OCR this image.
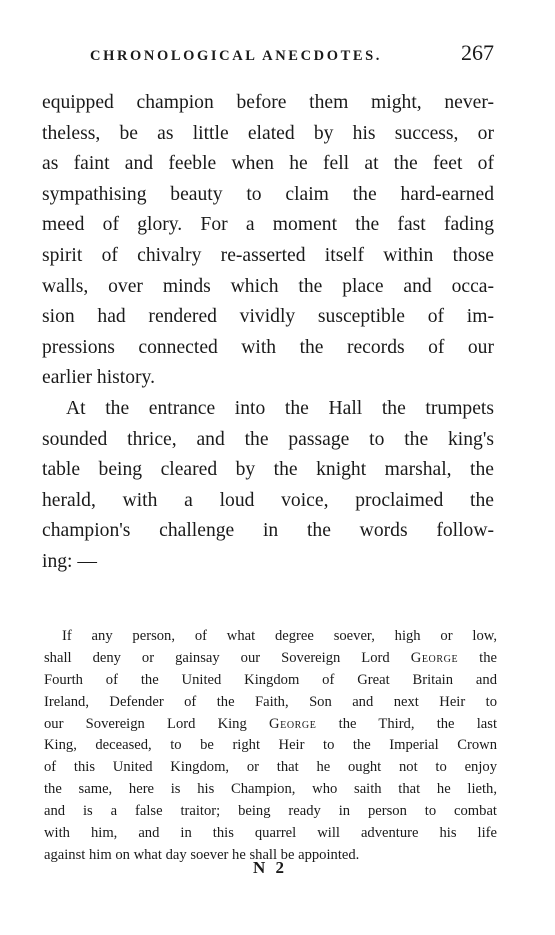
CHRONOLOGICAL ANECDOTES.	267
equipped champion before them might, never-
theless, be as little elated by his success, or
as faint and feeble when he fell at the feet of
sympathising beauty to claim the hard-earned
meed of glory. For a moment the fast fading
spirit of chivalry re-asserted itself within those
walls, over minds which the place and occa-
sion had rendered vividly susceptible of im-
pressions connected with the records of our
earlier history.
At the entrance into the Hall the trumpets
sounded thrice, and the passage to the king's
table being cleared by the knight marshal, the
herald, with a loud voice, proclaimed the
champion's challenge in the words follow-
ing: —
If any person, of what degree soever, high or low,
shall deny or gainsay our Sovereign Lord George the
Fourth of the United Kingdom of Great Britain and
Ireland, Defender of the Faith, Son and next Heir to
our Sovereign Lord King George the Third, the last
King, deceased, to be right Heir to the Imperial Crown
of this United Kingdom, or that he ought not to enjoy
the same, here is his Champion, who saith that he lieth,
and is a false traitor; being ready in person to combat
with him, and in this quarrel will adventure his life
against him on what day soever he shall be appointed.
N 2
